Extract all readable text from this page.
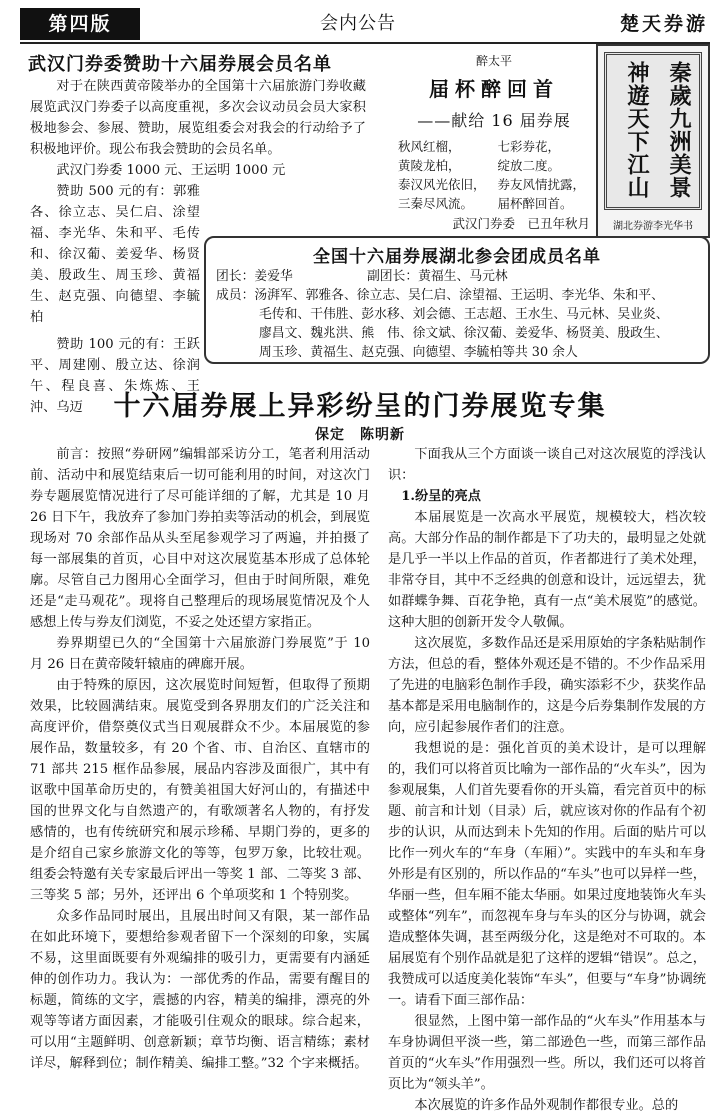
第四版	会内公告	楚天券游
武汉门券委赞助十六届券展会员名单

对于在陕西黄帝陵举办的全国第十六届旅游门券收藏展览武汉门券委子以高度重视，多次会议动员会员大家积极地参会、参展、赞助，展览组委会对我会的行动给予了积极地评价。现公布我会赞助的会员名单。

武汉门券委 1000 元、王运明 1000 元

赞助 500 元的有：郭雅各、徐立志、吴仁启、涂望福、李光华、朱和平、毛传和、徐汉葡、姜爱华、杨贤美、殷政生、周玉珍、黄福生、赵克强、向德望、李毓柏

赞助 100 元的有：王跃平、周建刚、殷立达、徐润午、程良喜、朱炼炼、王沖、乌迈

醉太平
届杯醉回首
——献给 16 届券展
秋风红榴，	七彩券花，
黄陵龙柏，	绽放二度。
泰汉风光依旧，	券友风情扰露，
三秦尽风流。	届杯醉回首。
武汉门券委　已丑年秋月
秦歲九洲美景
神遊天下江山
湖北券游李光华书
全国十六届券展湖北参会团成员名单
团长：姜爱华	副团长：黄福生、马元林
成员：汤湃军、郭雅各、徐立志、吴仁启、涂望福、王运明、李光华、朱和平、
毛传和、干伟胜、彭水移、刘会德、王志超、王水生、马元林、吴业炎、
廖昌文、魏兆洪、熊　伟、徐文斌、徐汉葡、姜爱华、杨贤美、殷政生、
周玉珍、黄福生、赵克强、向德望、李毓柏等共 30 余人
十六届券展上异彩纷呈的门券展览专集
保定　陈明新

前言：按照“券研网”编辑部采访分工，笔者利用活动前、活动中和展览结束后一切可能利用的时间，对这次门券专题展览情况进行了尽可能详细的了解，尤其是 10 月 26 日下午，我放弃了参加门券拍卖等活动的机会，到展览现场对 70 余部作品从头至尾参观学习了两遍，并拍摄了每一部展集的首页，心目中对这次展览基本形成了总体轮廓。尽管自己力图用心全面学习，但由于时间所限，难免还是“走马观花”。现将自己整理后的现场展览情况及个人感想上传与券友们浏览，不妥之处还望方家指正。

券界期望已久的“全国第十六届旅游门券展览”于 10 月 26 日在黄帝陵轩辕庙的碑廊开展。

由于特殊的原因，这次展览时间短暂，但取得了预期效果，比较圆满结束。展览受到各界朋友们的广泛关注和高度评价，借祭奠仪式当日观展群众不少。本届展览的参展作品，数量较多，有 20 个省、市、自治区、直辖市的 71 部共 215 框作品参展，展品内容涉及面很广，其中有讴歌中国革命历史的，有赞美祖国大好河山的，有描述中国的世界文化与自然遗产的，有歌颂著名人物的，有抒发感情的，也有传统研究和展示珍稀、早期门券的，更多的是介绍自己家乡旅游文化的等等，包罗万象，比较壮观。组委会特邀有关专家最后评出一等奖 1 部、二等奖 3 部、三等奖 5 部；另外，还评出 6 个单项奖和 1 个特别奖。

众多作品同时展出，且展出时间又有限，某一部作品在如此环境下，要想给参观者留下一个深刻的印象，实属不易，这里面既要有外观编排的吸引力，更需要有内涵延伸的创作功力。我认为：一部优秀的作品，需要有醒目的标题，简练的文字，震撼的内容，精美的编排，漂亮的外观等等诸方面因素，才能吸引住观众的眼球。综合起来，可以用“主题鲜明、创意新颖；章节均衡、语言精练；素材详尽，解释到位；制作精美、编排工整。”32 个字来概括。

下面我从三个方面谈一谈自己对这次展览的浮浅认识：

1.纷呈的亮点

本届展览是一次高水平展览，规模较大，档次较高。大部分作品的制作都是下了功夫的，最明显之处就是几乎一半以上作品的首页，作者都进行了美术处理，非常夺目，其中不乏经典的创意和设计，远远望去，犹如群蝶争舞、百花争艳，真有一点“美术展览”的感觉。这种大胆的创新开发令人敬佩。

这次展览，多数作品还是采用原始的字条粘贴制作方法，但总的看，整体外观还是不错的。不少作品采用了先进的电脑彩色制作手段，确实添彩不少，获奖作品基本都是采用电脑制作的，这是今后券集制作发展的方向，应引起参展作者们的注意。

我想说的是：强化首页的美术设计，是可以理解的，我们可以将首页比喻为一部作品的“火车头”，因为参观展集，人们首先要看你的开头篇，看完首页中的标题、前言和计划（目录）后，就应该对你的作品有个初步的认识，从而达到未卜先知的作用。后面的贴片可以比作一列火车的“车身（车厢）”。实践中的车头和车身外形是有区别的，所以作品的“车头”也可以异样一些，华丽一些，但车厢不能太华丽。如果过度地装饰火车头或整体“列车”，而忽视车身与车头的区分与协调，就会造成整体失调，甚至两级分化，这是绝对不可取的。本届展览有个别作品就是犯了这样的逻辑“错误”。总之，我赞成可以适度美化装饰“车头”，但要与“车身”协调统一。请看下面三部作品：

很显然，上图中第一部作品的“火车头”作用基本与车身协调但平淡一些，第二部逊色一些，而第三部作品首页的“火车头”作用强烈一些。所以，我们还可以将首页比为“领头羊”。

本次展览的许多作品外观制作都很专业。总的
